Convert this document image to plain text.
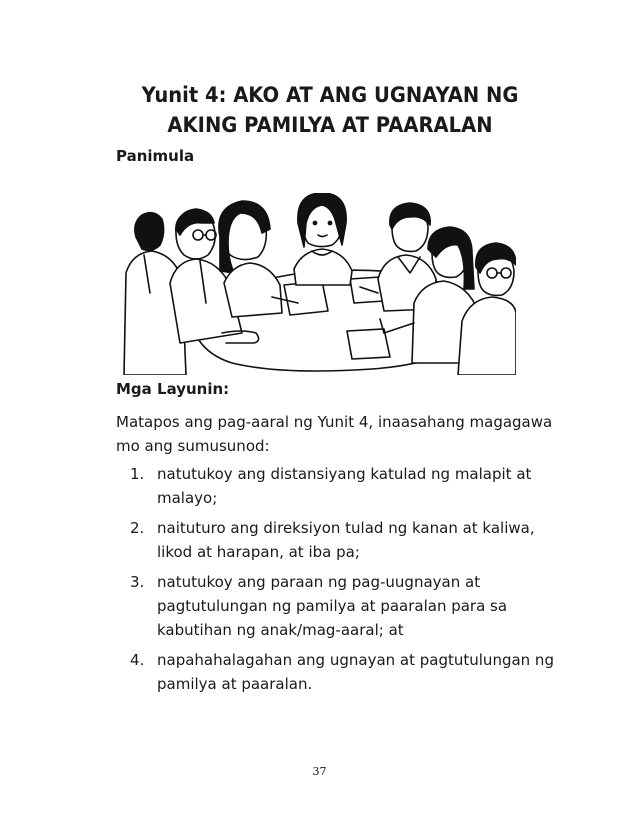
Yunit 4: AKO AT ANG UGNAYAN NG
AKING PAMILYA AT PAARALAN
Panimula
Mga Layunin:
Matapos ang pag-aaral ng Yunit 4, inaasahang magagawa mo ang sumusunod:
1. natutukoy ang distansiyang katulad ng malapit at malayo;
2. naituturo ang direksiyon tulad ng kanan at kaliwa, likod at harapan, at iba pa;
3. natutukoy ang paraan ng pag-uugnayan at pagtutulungan ng pamilya at paaralan para sa kabutihan ng anak/mag-aaral; at
4. napahahalagahan ang ugnayan at pagtutulungan ng pamilya at paaralan.
37
